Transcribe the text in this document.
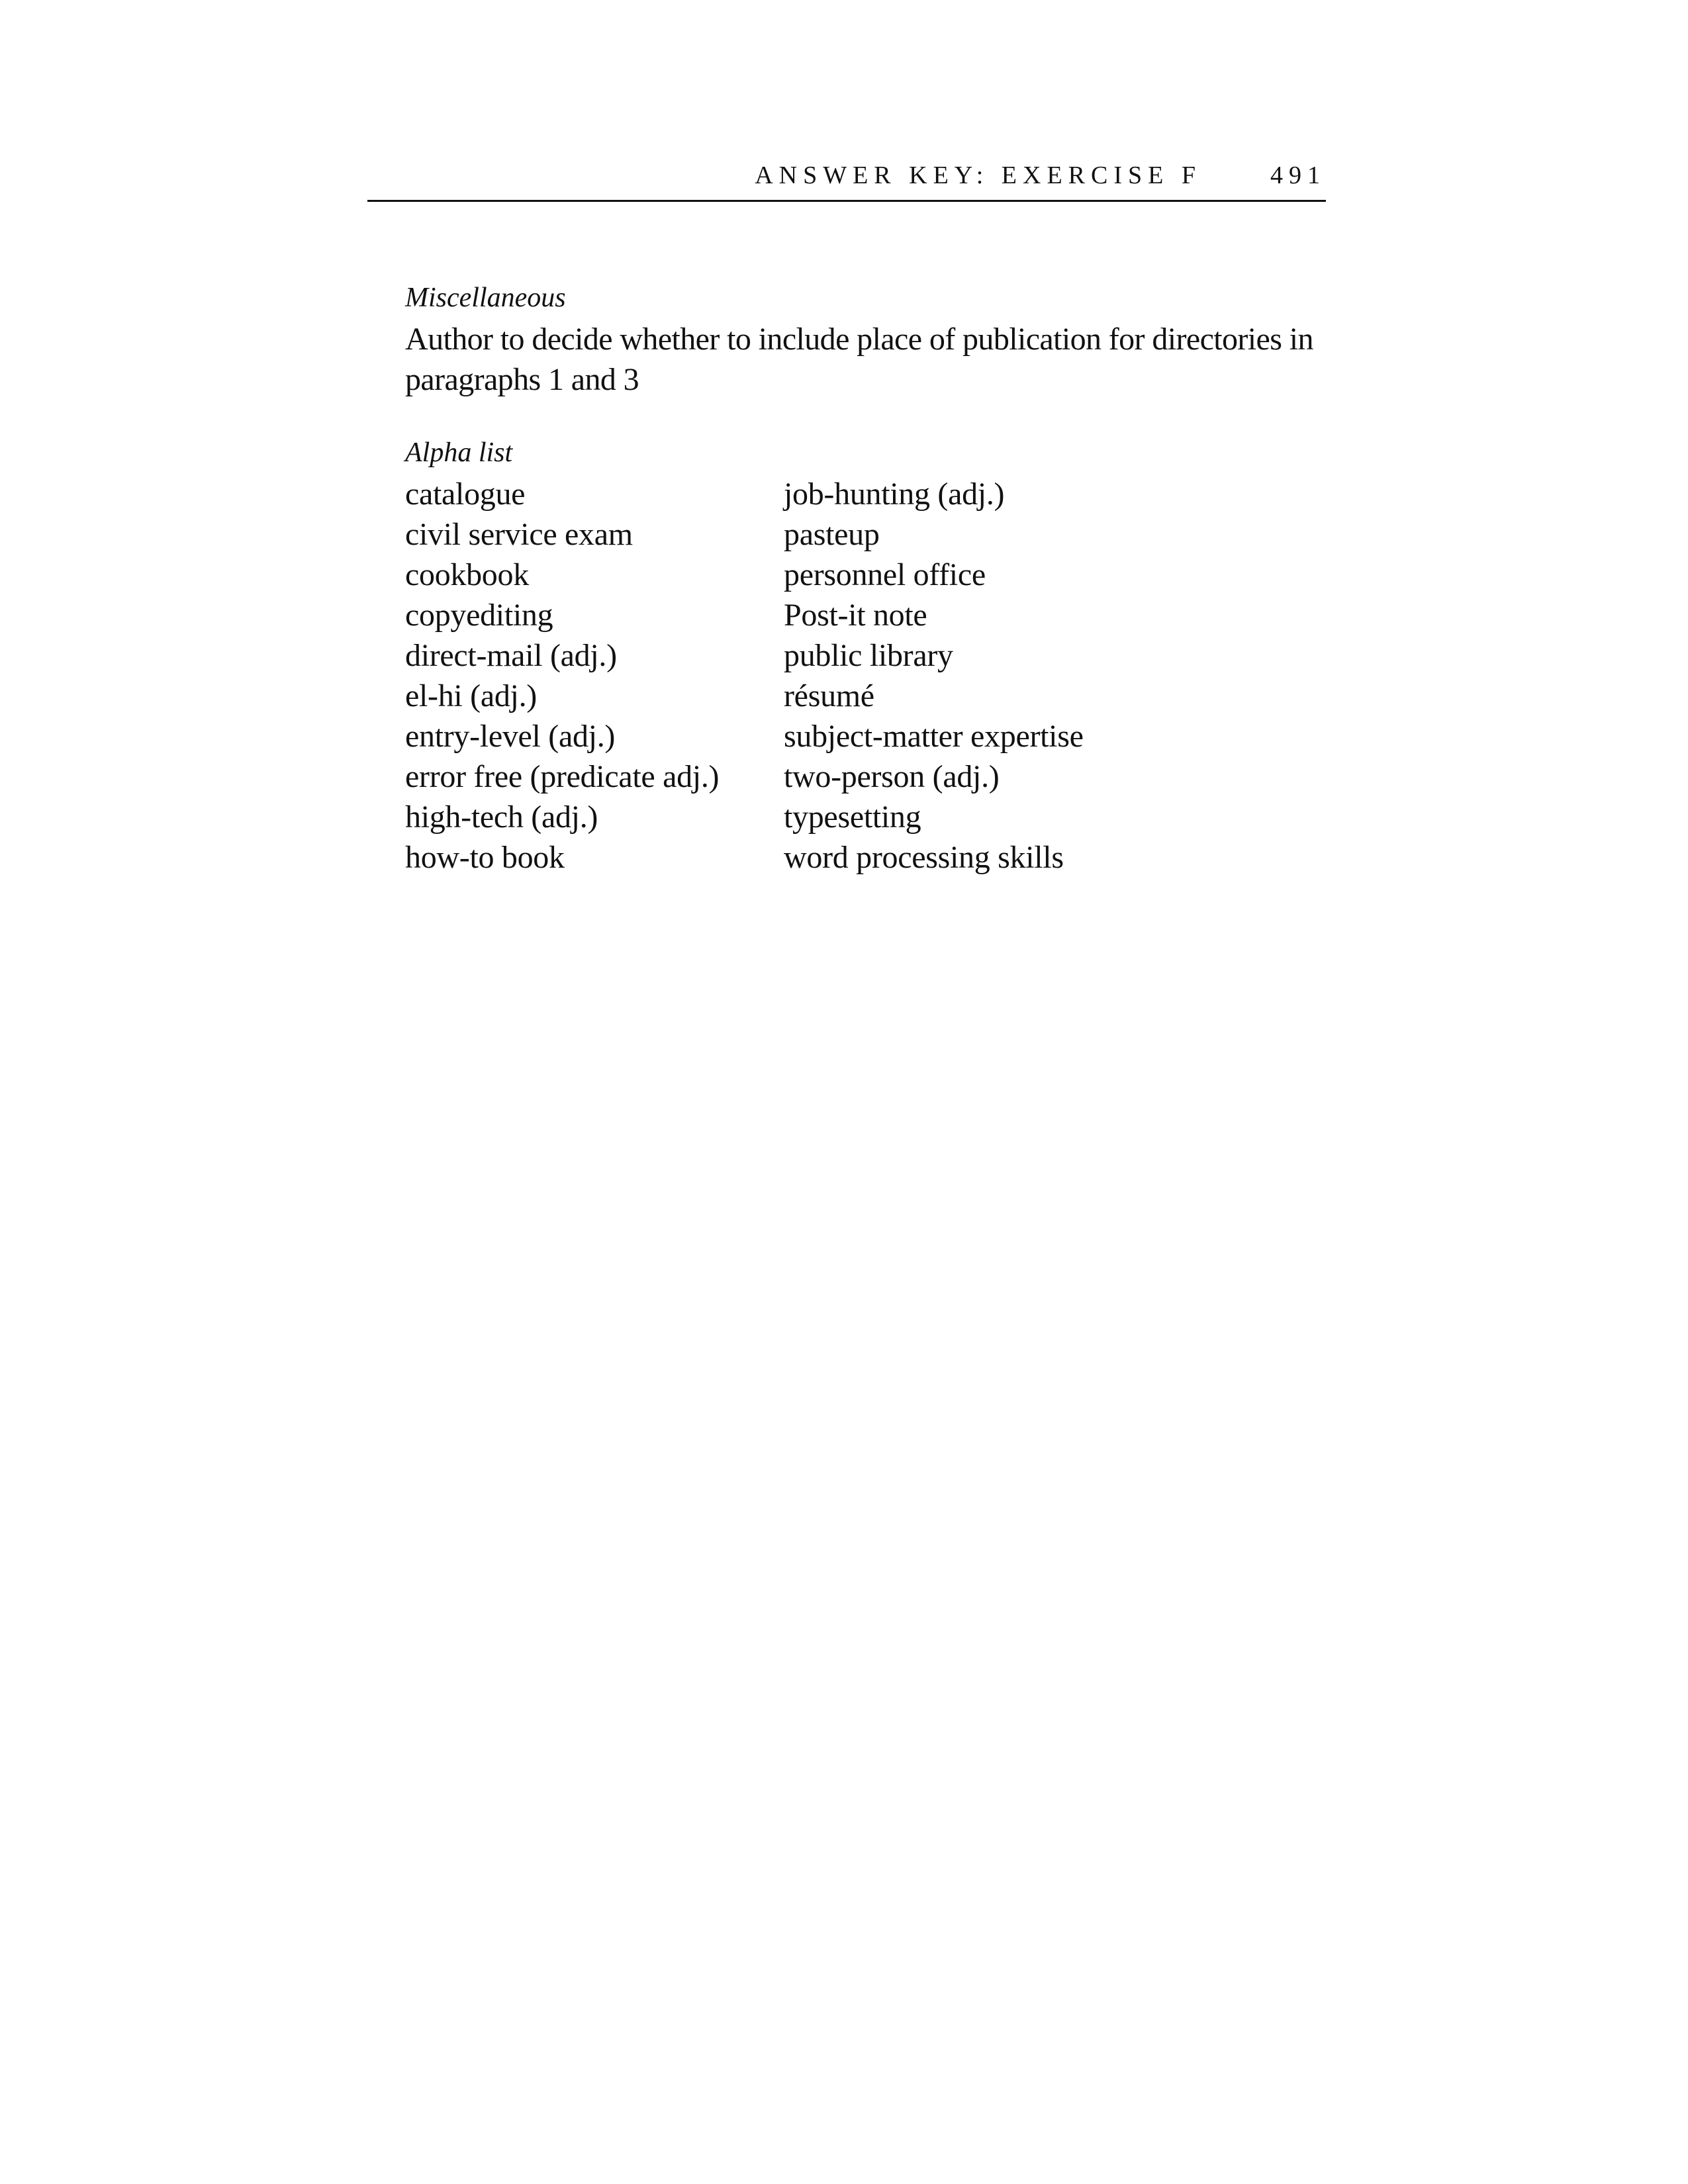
ANSWER KEY: EXERCISE F	491
Miscellaneous
Author to decide whether to include place of publication for directories in paragraphs 1 and 3
Alpha list
catalogue
civil service exam
cookbook
copyediting
direct-mail (adj.)
el-hi (adj.)
entry-level (adj.)
error free (predicate adj.)
high-tech (adj.)
how-to book
job-hunting (adj.)
pasteup
personnel office
Post-it note
public library
résumé
subject-matter expertise
two-person (adj.)
typesetting
word processing skills
